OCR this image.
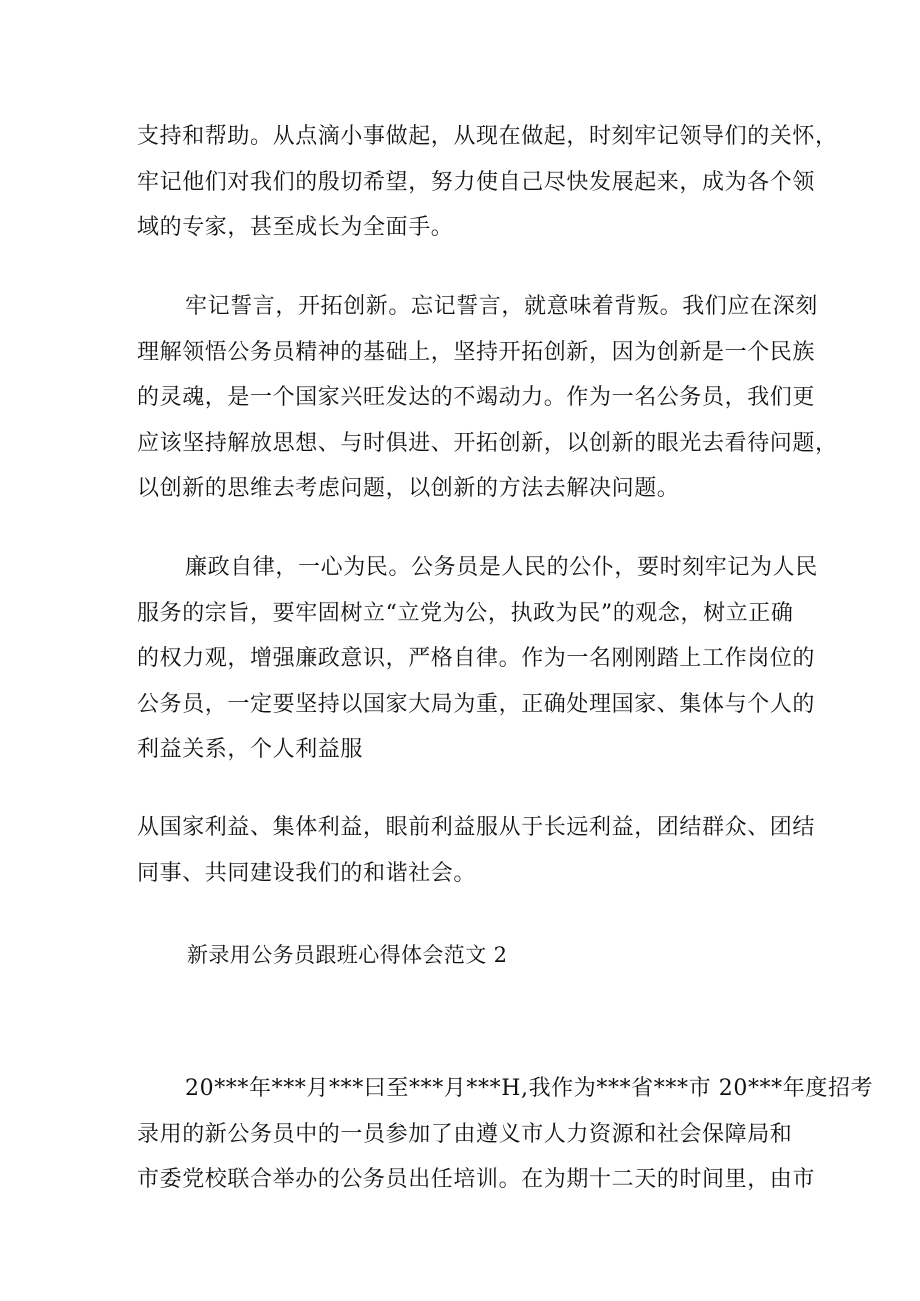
支持和帮助。从点滴小事做起，从现在做起，时刻牢记领导们的关怀，
牢记他们对我们的殷切希望，努力使自己尽快发展起来，成为各个领
域的专家，甚至成长为全面手。

牢记誓言，开拓创新。忘记誓言，就意味着背叛。我们应在深刻
理解领悟公务员精神的基础上，坚持开拓创新，因为创新是一个民族
的灵魂，是一个国家兴旺发达的不竭动力。作为一名公务员，我们更
应该坚持解放思想、与时俱进、开拓创新，以创新的眼光去看待问题，
以创新的思维去考虑问题，以创新的方法去解决问题。

廉政自律，一心为民。公务员是人民的公仆，要时刻牢记为人民
服务的宗旨，要牢固树立“立党为公，执政为民”的观念，树立正确
的权力观，增强廉政意识，严格自律。作为一名刚刚踏上工作岗位的
公务员，一定要坚持以国家大局为重，正确处理国家、集体与个人的
利益关系，个人利益服

从国家利益、集体利益，眼前利益服从于长远利益，团结群众、团结
同事、共同建设我们的和谐社会。

新录用公务员跟班心得体会范文 2

20***年***月***曰至***月***H,我作为***省***市 20***年度招考
录用的新公务员中的一员参加了由遵义市人力资源和社会保障局和
市委党校联合举办的公务员出任培训。在为期十二天的时间里，由市
